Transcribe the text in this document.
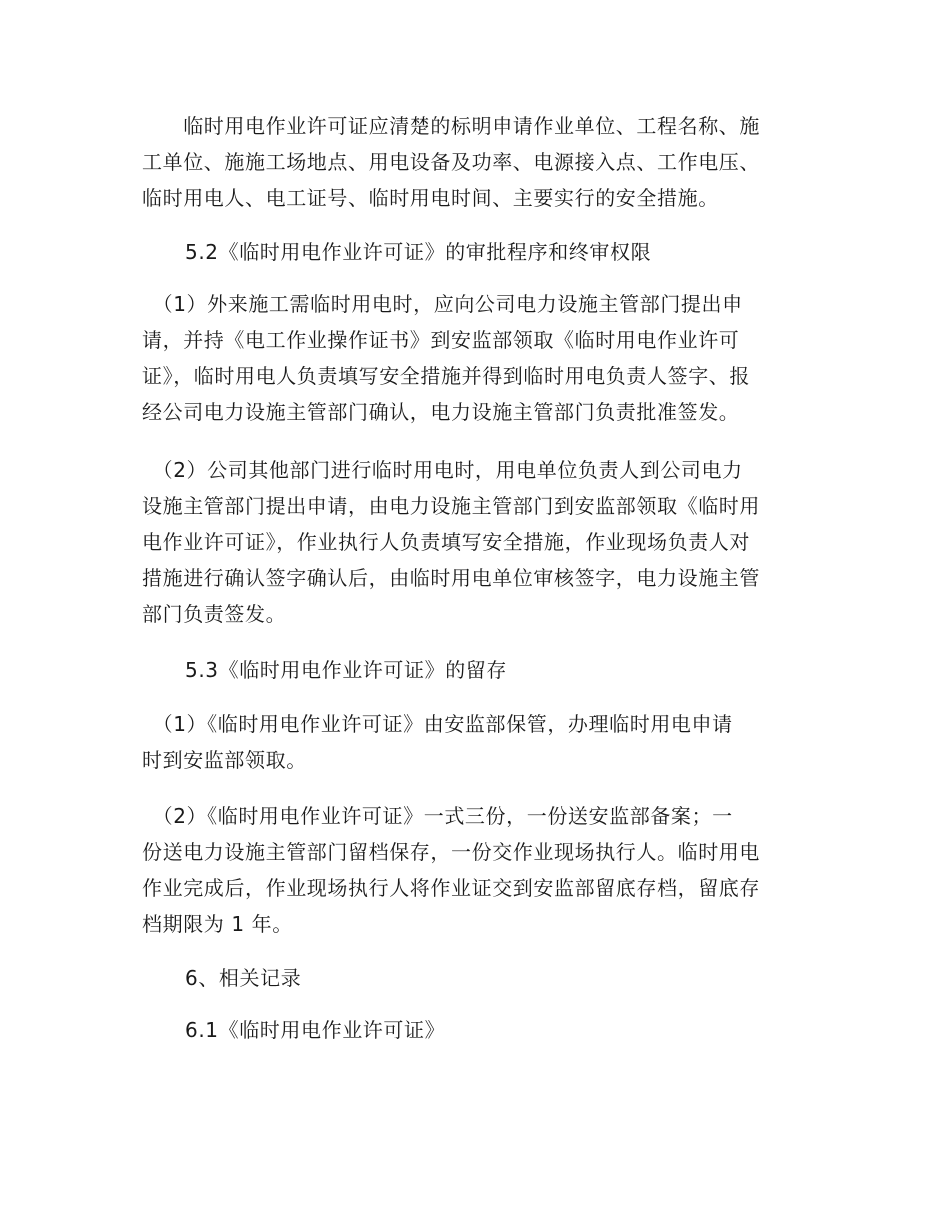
　　临时用电作业许可证应清楚的标明申请作业单位、工程名称、施
工单位、施施工场地点、用电设备及功率、电源接入点、工作电压、
临时用电人、电工证号、临时用电时间、主要实行的安全措施。
5.2《临时用电作业许可证》的审批程序和终审权限
　（1）外来施工需临时用电时，应向公司电力设施主管部门提出申
请，并持《电工作业操作证书》到安监部领取《临时用电作业许可
证》，临时用电人负责填写安全措施并得到临时用电负责人签字、报
经公司电力设施主管部门确认，电力设施主管部门负责批准签发。
　（2）公司其他部门进行临时用电时，用电单位负责人到公司电力
设施主管部门提出申请，由电力设施主管部门到安监部领取《临时用
电作业许可证》，作业执行人负责填写安全措施，作业现场负责人对
措施进行确认签字确认后，由临时用电单位审核签字，电力设施主管
部门负责签发。
5.3《临时用电作业许可证》的留存
　（1）《临时用电作业许可证》由安监部保管，办理临时用电申请
时到安监部领取。
　（2）《临时用电作业许可证》一式三份，一份送安监部备案；一
份送电力设施主管部门留档保存，一份交作业现场执行人。临时用电
作业完成后，作业现场执行人将作业证交到安监部留底存档，留底存
档期限为 1 年。
6、相关记录
6.1《临时用电作业许可证》
